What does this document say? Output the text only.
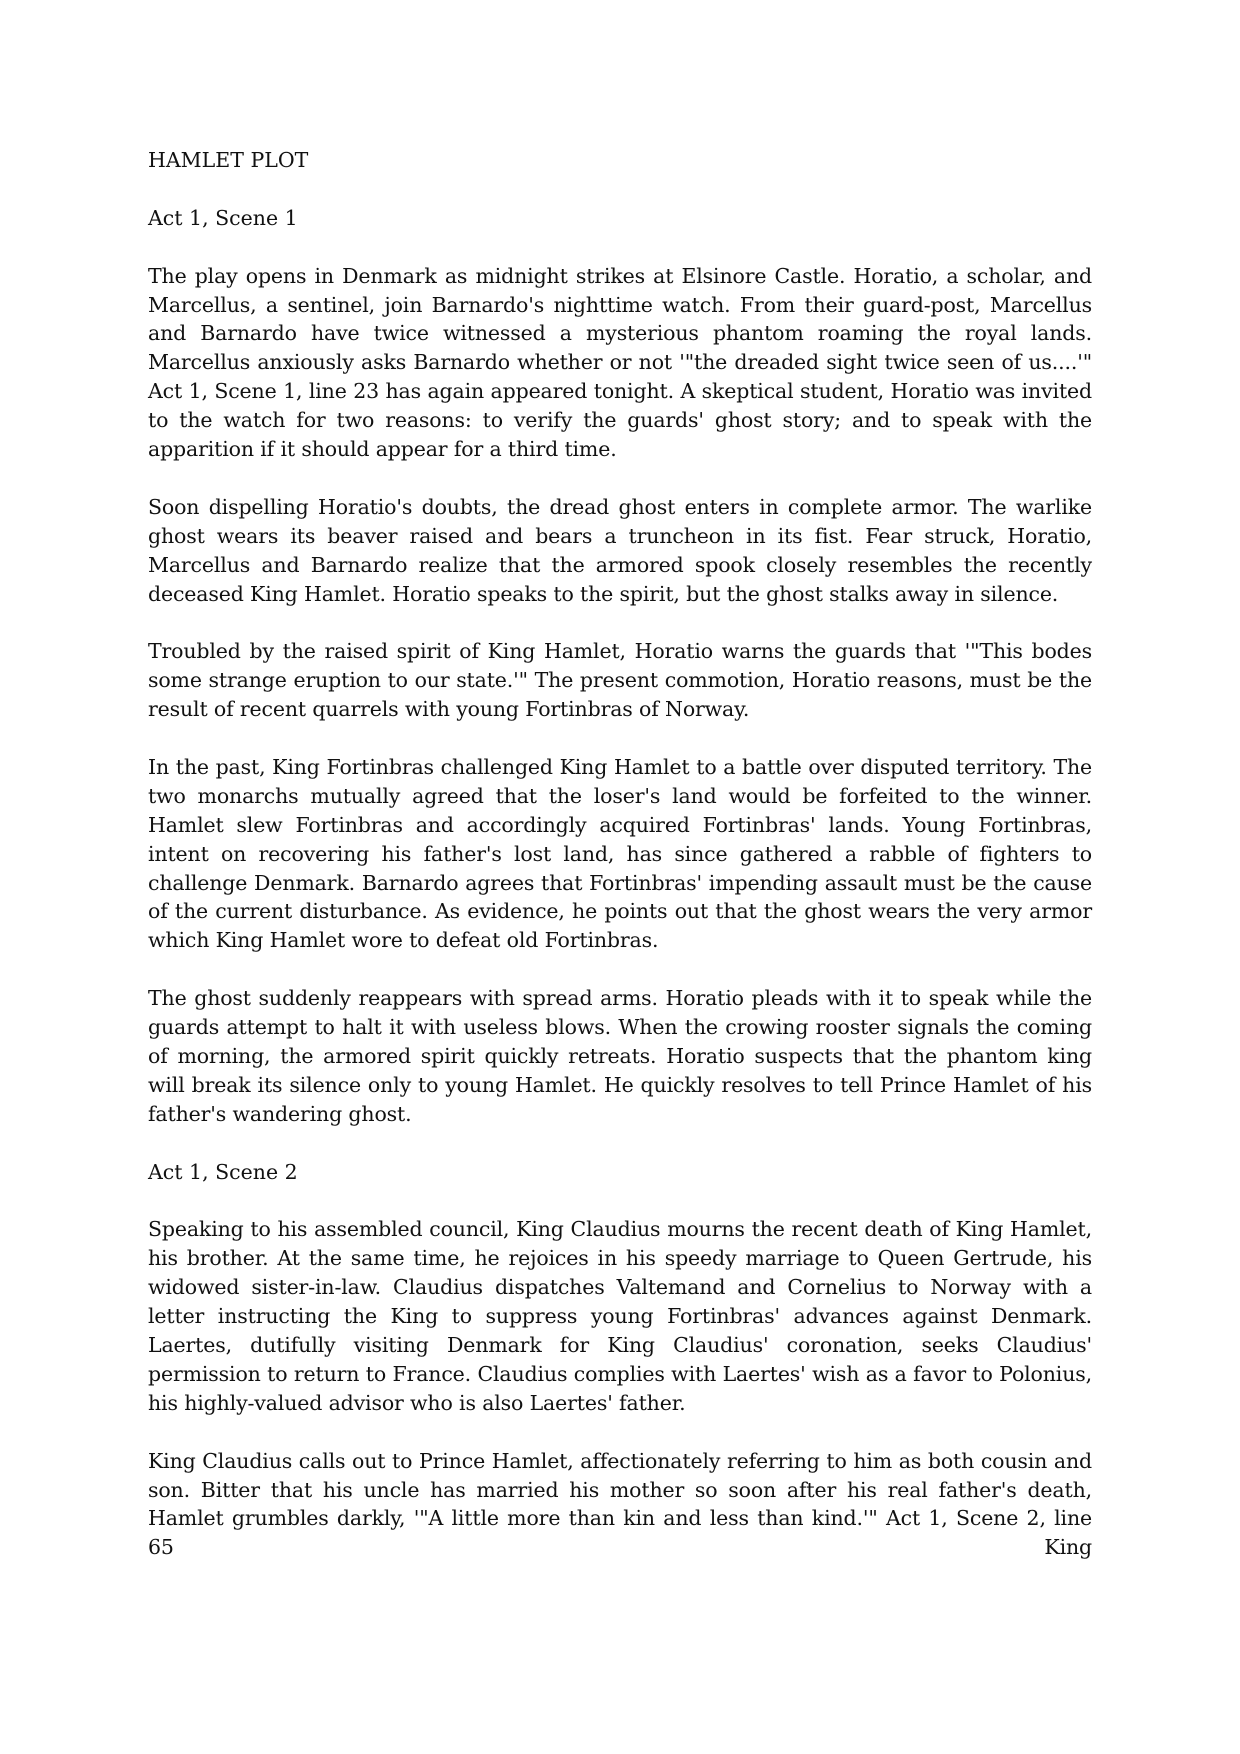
HAMLET PLOT

Act 1, Scene 1

The play opens in Denmark as midnight strikes at Elsinore Castle. Horatio, a scholar, and Marcellus, a sentinel, join Barnardo's nighttime watch. From their guard-post, Marcellus and Barnardo have twice witnessed a mysterious phantom roaming the royal lands. Marcellus anxiously asks Barnardo whether or not '"the dreaded sight twice seen of us....'" Act 1, Scene 1, line 23 has again appeared tonight. A skeptical student, Horatio was invited to the watch for two reasons: to verify the guards' ghost story; and to speak with the apparition if it should appear for a third time.

Soon dispelling Horatio's doubts, the dread ghost enters in complete armor. The warlike ghost wears its beaver raised and bears a truncheon in its fist. Fear struck, Horatio, Marcellus and Barnardo realize that the armored spook closely resembles the recently deceased King Hamlet. Horatio speaks to the spirit, but the ghost stalks away in silence.

Troubled by the raised spirit of King Hamlet, Horatio warns the guards that '"This bodes some strange eruption to our state.'" The present commotion, Horatio reasons, must be the result of recent quarrels with young Fortinbras of Norway.

In the past, King Fortinbras challenged King Hamlet to a battle over disputed territory. The two monarchs mutually agreed that the loser's land would be forfeited to the winner. Hamlet slew Fortinbras and accordingly acquired Fortinbras' lands. Young Fortinbras, intent on recovering his father's lost land, has since gathered a rabble of fighters to challenge Denmark. Barnardo agrees that Fortinbras' impending assault must be the cause of the current disturbance. As evidence, he points out that the ghost wears the very armor which King Hamlet wore to defeat old Fortinbras.

The ghost suddenly reappears with spread arms. Horatio pleads with it to speak while the guards attempt to halt it with useless blows. When the crowing rooster signals the coming of morning, the armored spirit quickly retreats. Horatio suspects that the phantom king will break its silence only to young Hamlet. He quickly resolves to tell Prince Hamlet of his father's wandering ghost.

Act 1, Scene 2

Speaking to his assembled council, King Claudius mourns the recent death of King Hamlet, his brother. At the same time, he rejoices in his speedy marriage to Queen Gertrude, his widowed sister-in-law. Claudius dispatches Valtemand and Cornelius to Norway with a letter instructing the King to suppress young Fortinbras' advances against Denmark. Laertes, dutifully visiting Denmark for King Claudius' coronation, seeks Claudius' permission to return to France. Claudius complies with Laertes' wish as a favor to Polonius, his highly-valued advisor who is also Laertes' father.

King Claudius calls out to Prince Hamlet, affectionately referring to him as both cousin and son. Bitter that his uncle has married his mother so soon after his real father's death, Hamlet grumbles darkly, '"A little more than kin and less than kind.'" Act 1, Scene 2, line 65 King
